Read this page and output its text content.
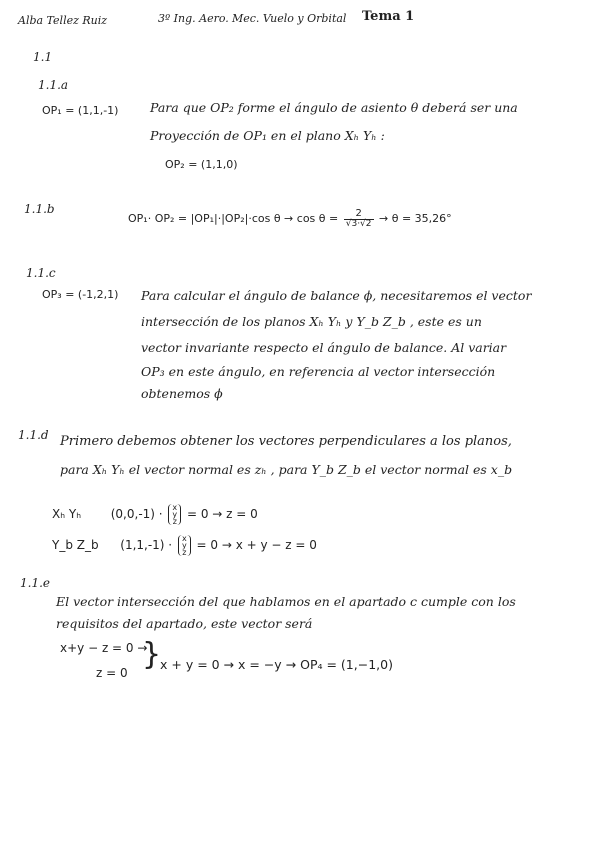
Alba Tellez Ruiz	3º Ing. Aero. Mec. Vuelo y Orbital Tema 1
1.1
1.1.a
OP₁ = (1,1,-1)	Para que OP₂ forme el ángulo de asiento θ deberá ser una
Proyección de OP₁ en el plano Xₕ Yₕ :
OP₂ = (1,1,0)
1.1.b
OP₁· OP₂ = |OP₁|·|OP₂|·cos $\theta \to \cos \theta = \frac{2}{√3\cdot√2} \to \theta = 35,26^\circ$
1.1.c
OP₃ = (-1,2,1) Para calcular el ángulo de balance ϕ, necesitaremos el vector
intersección de los planos Xₕ Yₕ y Y_b Z_b , este es un
vector invariante respecto el ángulo de balance. Al variar
OP₃ en este ángulo, en referencia al vector intersección
obtenemos ϕ
1.1.d Primero debemos obtener los vectores perpendiculares a los planos,
para Xₕ Yₕ el vector normal es zₕ , para Y_b Z_b el vector normal es x_b
Xₕ Yₕ (0,0,-1) · x
y
z
= 0 → z = 0
Y_b Z_b (1,1,-1) · x
y
z
= 0 → x + y − z = 0
1.1.e
El vector intersección del que hablamos en el apartado c cumple con los
requisitos del apartado, este vector será
x+y − z = 0 →
z = 0
}
x + y = 0 → x = −y → OP₄ = (1,−1,0)
